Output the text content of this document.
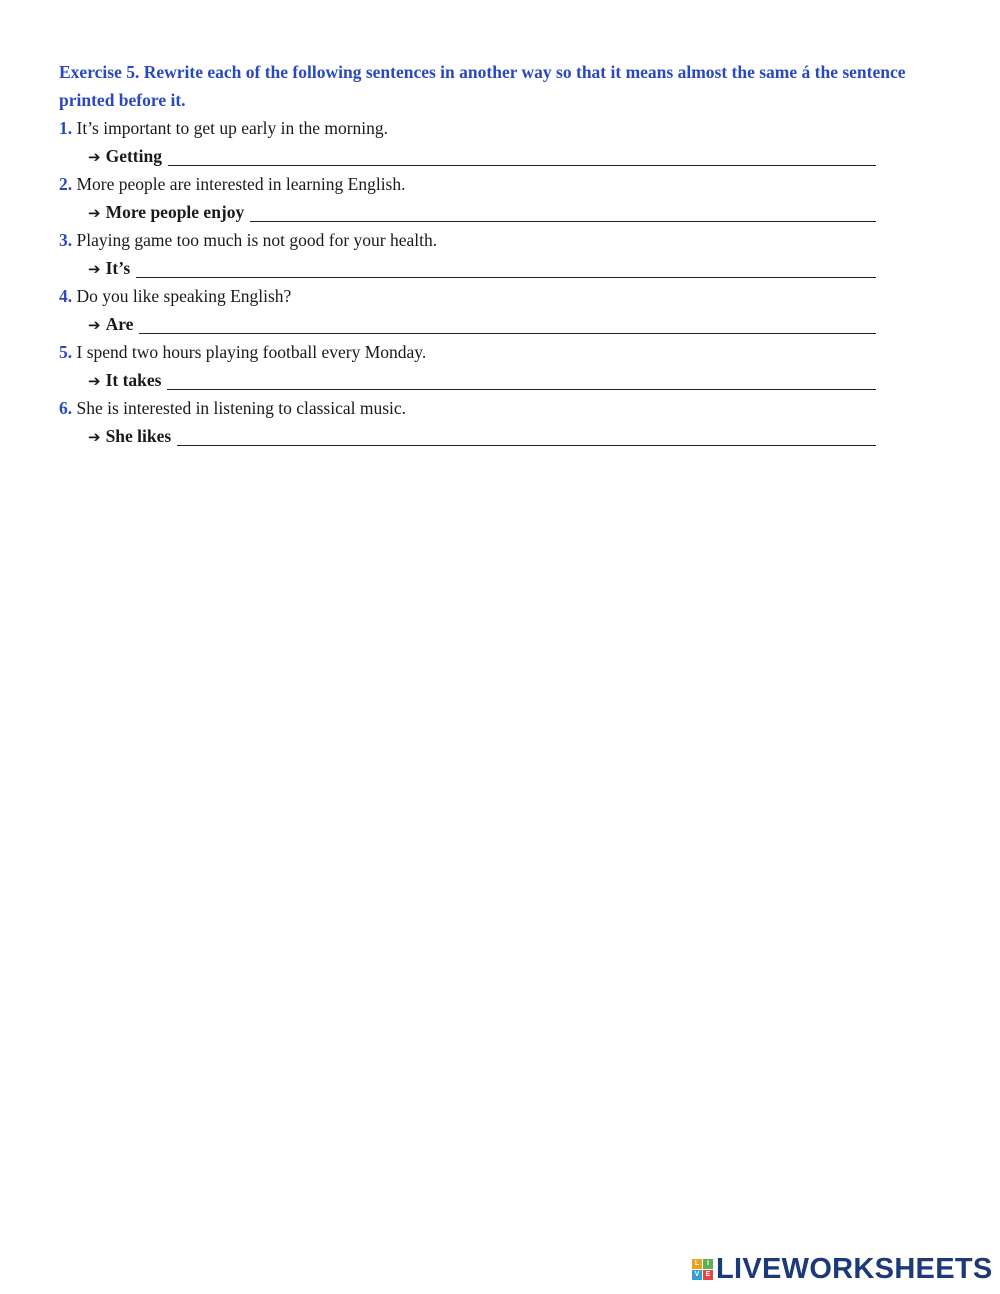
Exercise 5. Rewrite each of the following sentences in another way so that it means almost the same á the sentence printed before it.

1. It’s important to get up early in the morning.
➔ Getting
2. More people are interested in learning English.
➔ More people enjoy
3. Playing game too much is not good for your health.
➔ It’s
4. Do you like speaking English?
➔ Are
5. I spend two hours playing football every Monday.
➔ It takes
6. She is interested in listening to classical music.
➔ She likes
L	I
V E LIVEWORKSHEETS
